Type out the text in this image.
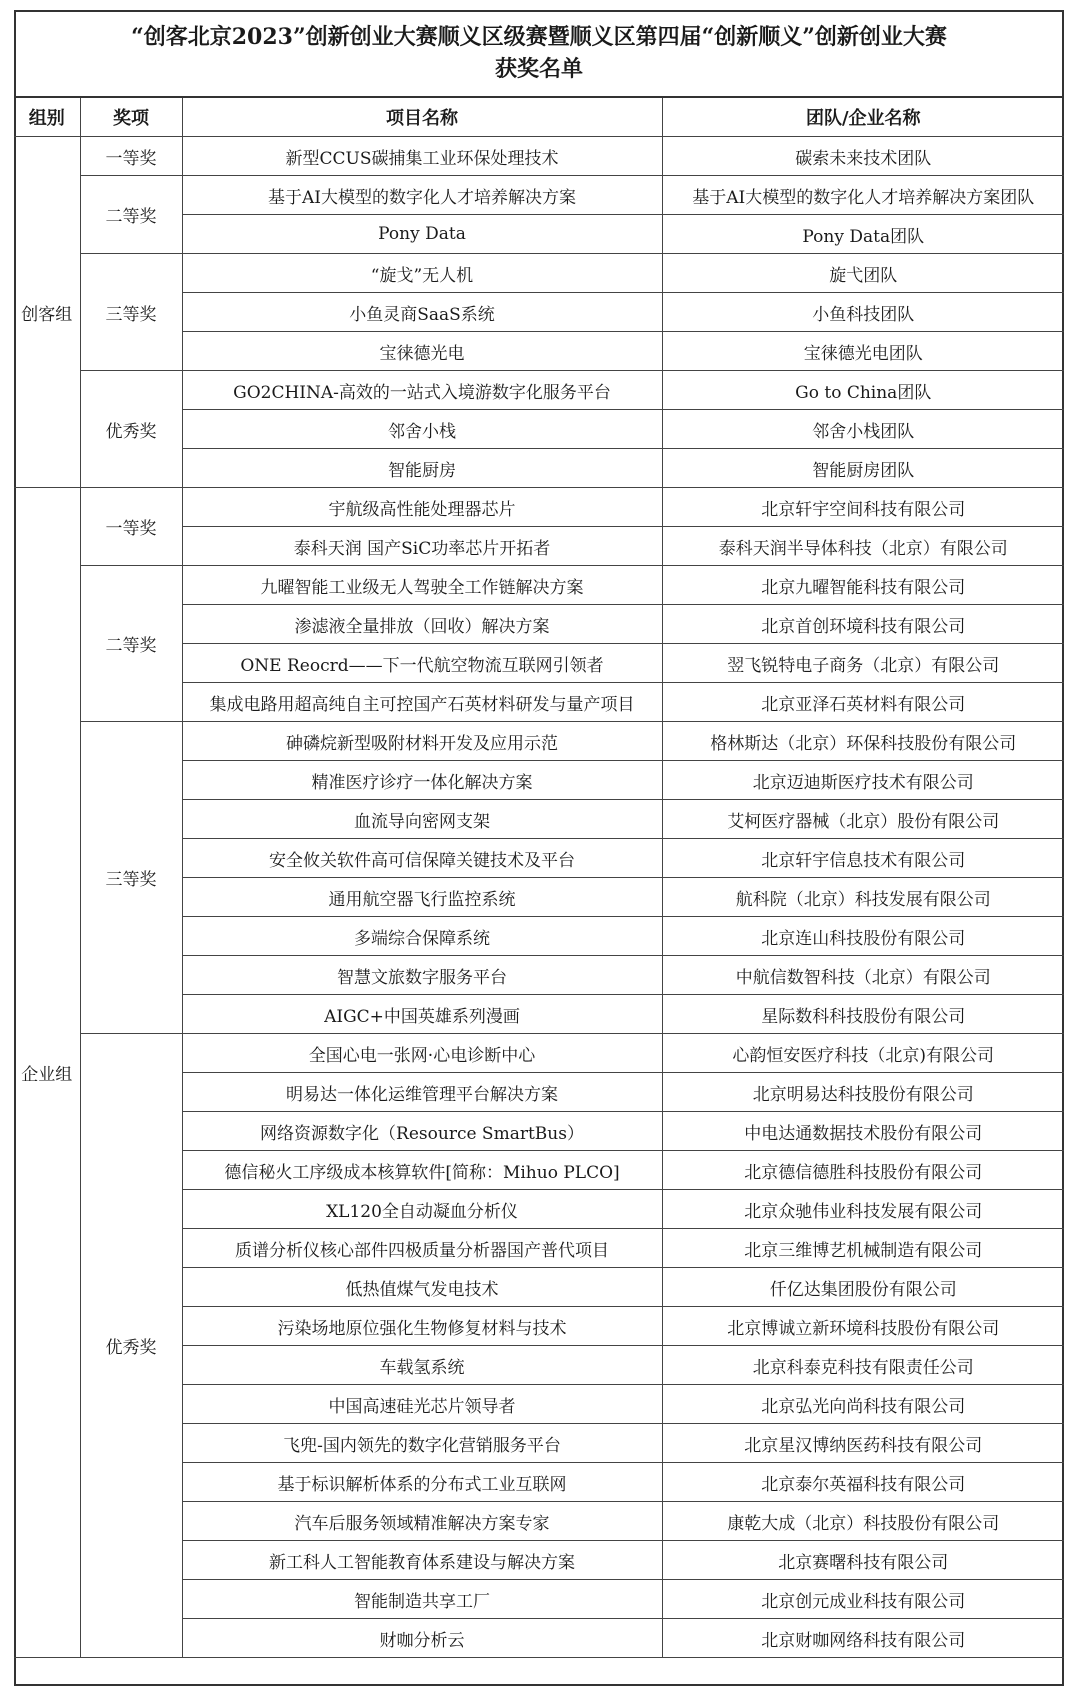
“创客北京2023”创新创业大赛顺义区级赛暨顺义区第四届“创新顺义”创新创业大赛
获奖名单
组别	奖项	项目名称	团队/企业名称
创客组	一等奖	新型CCUS碳捕集工业环保处理技术	碳索未来技术团队
	二等奖	基于AI大模型的数字化人才培养解决方案	基于AI大模型的数字化人才培养解决方案团队
		Pony Data	Pony Data团队
	三等奖	“旋戈”无人机	旋弋团队
		小鱼灵商SaaS系统	小鱼科技团队
		宝徕德光电	宝徕德光电团队
	优秀奖	GO2CHINA-高效的一站式入境游数字化服务平台	Go to China团队
		邻舍小栈	邻舍小栈团队
		智能厨房	智能厨房团队
企业组	一等奖	宇航级高性能处理器芯片	北京轩宇空间科技有限公司
		泰科天润 国产SiC功率芯片开拓者	泰科天润半导体科技（北京）有限公司
	二等奖	九曜智能工业级无人驾驶全工作链解决方案	北京九曜智能科技有限公司
		渗滤液全量排放（回收）解决方案	北京首创环境科技有限公司
		ONE Reocrd——下一代航空物流互联网引领者	翌飞锐特电子商务（北京）有限公司
		集成电路用超高纯自主可控国产石英材料研发与量产项目	北京亚泽石英材料有限公司
	三等奖	砷磷烷新型吸附材料开发及应用示范	格林斯达（北京）环保科技股份有限公司
		精准医疗诊疗一体化解决方案	北京迈迪斯医疗技术有限公司
		血流导向密网支架	艾柯医疗器械（北京）股份有限公司
		安全攸关软件高可信保障关键技术及平台	北京轩宇信息技术有限公司
		通用航空器飞行监控系统	航科院（北京）科技发展有限公司
		多端综合保障系统	北京连山科技股份有限公司
		智慧文旅数字服务平台	中航信数智科技（北京）有限公司
		AIGC+中国英雄系列漫画	星际数科科技股份有限公司
	优秀奖	全国心电一张网·心电诊断中心	心韵恒安医疗科技（北京)有限公司
		明易达一体化运维管理平台解决方案	北京明易达科技股份有限公司
		网络资源数字化（Resource SmartBus）	中电达通数据技术股份有限公司
		德信秘火工序级成本核算软件[简称：Mihuo PLCO]	北京德信德胜科技股份有限公司
		XL120全自动凝血分析仪	北京众驰伟业科技发展有限公司
		质谱分析仪核心部件四极质量分析器国产普代项目	北京三维博艺机械制造有限公司
		低热值煤气发电技术	仟亿达集团股份有限公司
		污染场地原位强化生物修复材料与技术	北京博诚立新环境科技股份有限公司
		车载氢系统	北京科泰克科技有限责任公司
		中国高速硅光芯片领导者	北京弘光向尚科技有限公司
		飞兜-国内领先的数字化营销服务平台	北京星汉博纳医药科技有限公司
		基于标识解析体系的分布式工业互联网	北京泰尔英福科技有限公司
		汽车后服务领域精准解决方案专家	康乾大成（北京）科技股份有限公司
		新工科人工智能教育体系建设与解决方案	北京赛曙科技有限公司
		智能制造共享工厂	北京创元成业科技有限公司
		财咖分析云	北京财咖网络科技有限公司
